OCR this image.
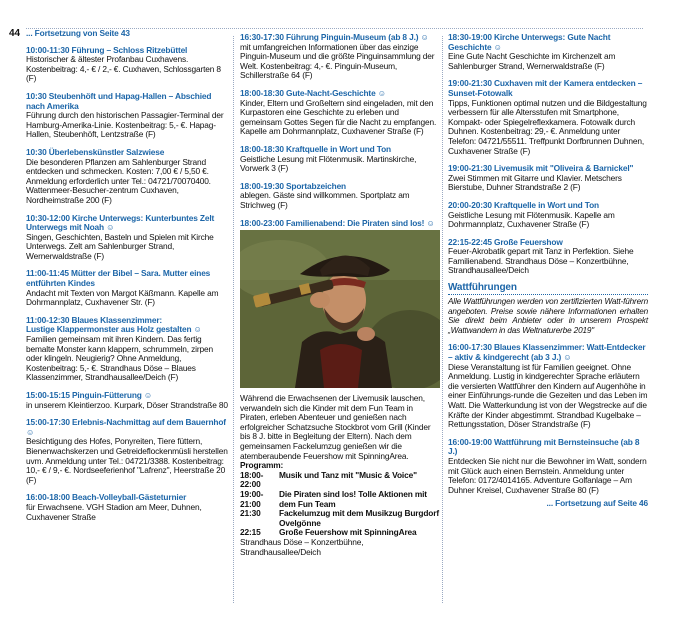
44 ... Fortsetzung von Seite 43
10:00-11:30 Führung – Schloss Ritzebüttel
Historischer & ältester Profanbau Cuxhavens. Kostenbeitrag: 4,- € / 2,- €. Cuxhaven, Schlossgarten 8 (F)
10:30 Steubenhöft und Hapag-Hallen – Abschied nach Amerika
Führung durch den historischen Passagier-Terminal der Hamburg-Amerika-Linie. Kostenbeitrag: 5,- €. Hapag-Hallen, Steubenhöft, Lentzstraße (F)
10:30 Überlebenskünstler Salzwiese
Die besonderen Pflanzen am Sahlenburger Strand entdecken und schmecken. Kosten: 7,00 € / 5,50 €. Anmeldung erforderlich unter Tel.: 04721/70070400. Wattenmeer-Besucher-zentrum Cuxhaven, Nordheimstraße 200 (F)
10:30-12:00 Kirche Unterwegs: Kunterbuntes Zelt Unterwegs mit Noah ☺
Singen, Geschichten, Basteln und Spielen mit Kirche Unterwegs. Zelt am Sahlenburger Strand, Wernerwaldstraße (F)
11:00-11:45 Mütter der Bibel – Sara. Mutter eines entführten Kindes
Andacht mit Texten von Margot Käßmann. Kapelle am Dohrmannplatz, Cuxhavener Str. (F)
11:00-12:30 Blaues Klassenzimmer:
Lustige Klappermonster aus Holz gestalten ☺
Familien gemeinsam mit ihren Kindern. Das fertig bemalte Monster kann klappern, schrummeln, zirpen oder klingeln. Neugierig? Ohne Anmeldung, Kostenbeitrag: 5,- €. Strandhaus Döse – Blaues Klassenzimmer, Strandhausallee/Deich (F)
15:00-15:15 Pinguin-Fütterung ☺
in unserem Kleintierzoo. Kurpark, Döser Strandstraße 80
15:00-17:30 Erlebnis-Nachmittag auf dem Bauernhof ☺
Besichtigung des Hofes, Ponyreiten, Tiere füttern, Bienenwachskerzen und Getreideflockenmüsli herstellen uvm. Anmeldung unter Tel.: 04721/3388. Kostenbeitrag: 10,- € / 9,- €. Nordseeferienhof "Lafrenz", Heerstraße 20 (F)
16:00-18:00 Beach-Volleyball-Gästeturnier
für Erwachsene. VGH Stadion am Meer, Duhnen, Cuxhavener Straße
16:30-17:30 Führung Pinguin-Museum (ab 8 J.) ☺
mit umfangreichen Informationen über das einzige Pinguin-Museum und die größte Pinguinsammlung der Welt. Kostenbeitrag: 4,- €. Pinguin-Museum, Schillerstraße 64 (F)
18:00-18:30 Gute-Nacht-Geschichte ☺
Kinder, Eltern und Großeltern sind eingeladen, mit den Kurpastoren eine Geschichte zu erleben und gemeinsam Gottes Segen für die Nacht zu empfangen. Kapelle am Dohrmannplatz, Cuxhavener Straße (F)
18:00-18:30 Kraftquelle in Wort und Ton
Geistliche Lesung mit Flötenmusik. Martinskirche, Vorwerk 3 (F)
18:00-19:30 Sportabzeichen
ablegen. Gäste sind willkommen. Sportplatz am Strichweg (F)
18:00-23:00 Familienabend: Die Piraten sind los! ☺
Während die Erwachsenen der Livemusik lauschen, verwandeln sich die Kinder mit dem Fun Team in Piraten, erleben Abenteuer und genießen nach erfolgreicher Schatzsuche Stockbrot vom Grill (Kinder bis 8 J. bitte in Begleitung der Eltern). Nach dem gemeinsamen Fackelumzug genießen wir die atemberaubende Feuershow mit SpinningArea.
Programm:
18:00-22:00
Musik und Tanz mit "Music & Voice"
19:00-21:00
Die Piraten sind los! Tolle Aktionen mit dem Fun Team
21:30	Fackelumzug mit dem Musikzug Burgdorf Ovelgönne
22:15	Große Feuershow mit SpinningArea
Strandhaus Döse – Konzertbühne, Strandhausallee/Deich
18:30-19:00 Kirche Unterwegs: Gute Nacht Geschichte ☺
Eine Gute Nacht Geschichte im Kirchenzelt am Sahlenburger Strand, Wernerwaldstraße (F)
19:00-21:30 Cuxhaven mit der Kamera entdecken – Sunset-Fotowalk
Tipps, Funktionen optimal nutzen und die Bildgestaltung verbessern für alle Altersstufen mit Smartphone, Kompakt- oder Spiegelreflexkamera. Fotowalk durch Duhnen. Kostenbeitrag: 29,- €. Anmeldung unter Telefon: 04721/55511. Treffpunkt Dorfbrunnen Duhnen, Cuxhavener Straße (F)
19:00-21:30 Livemusik mit "Oliveira & Barnickel"
Zwei Stimmen mit Gitarre und Klavier. Metschers Bierstube, Duhner Strandstraße 2 (F)
20:00-20:30 Kraftquelle in Wort und Ton
Geistliche Lesung mit Flötenmusik. Kapelle am Dohrmannplatz, Cuxhavener Straße (F)
22:15-22:45 Große Feuershow
Feuer-Akrobatik gepart mit Tanz in Perfektion. Siehe Familienabend. Strandhaus Döse – Konzertbühne, Strandhausallee/Deich
Wattführungen
Alle Wattführungen werden von zertifizierten Watt-führern angeboten. Preise sowie nähere Informationen erhalten Sie direkt beim Anbieter oder in unserem Prospekt „Wattwandern in das Weltnaturerbe 2019"
16:00-17:30 Blaues Klassenzimmer: Watt-Entdecker – aktiv & kindgerecht (ab 3 J.) ☺
Diese Veranstaltung ist für Familien geeignet. Ohne Anmeldung. Lustig in kindgerechter Sprache erläutern die versierten Wattführer den Kindern auf Augenhöhe in einer Einführungs-runde die Gezeiten und das Leben im Watt. Die Watterkundung ist von der Wegstrecke auf die Kräfte der Kinder abgestimmt. Strandbad Kugelbake – Rettungsstation, Döser Strandstraße (F)
16:00-19:00 Wattführung mit Bernsteinsuche (ab 8 J.)
Entdecken Sie nicht nur die Bewohner im Watt, sondern mit Glück auch einen Bernstein. Anmeldung unter Telefon: 0172/4014165. Adventure Golfanlage – Am Duhner Kreisel, Cuxhavener Straße 80 (F)
... Fortsetzung auf Seite 46
